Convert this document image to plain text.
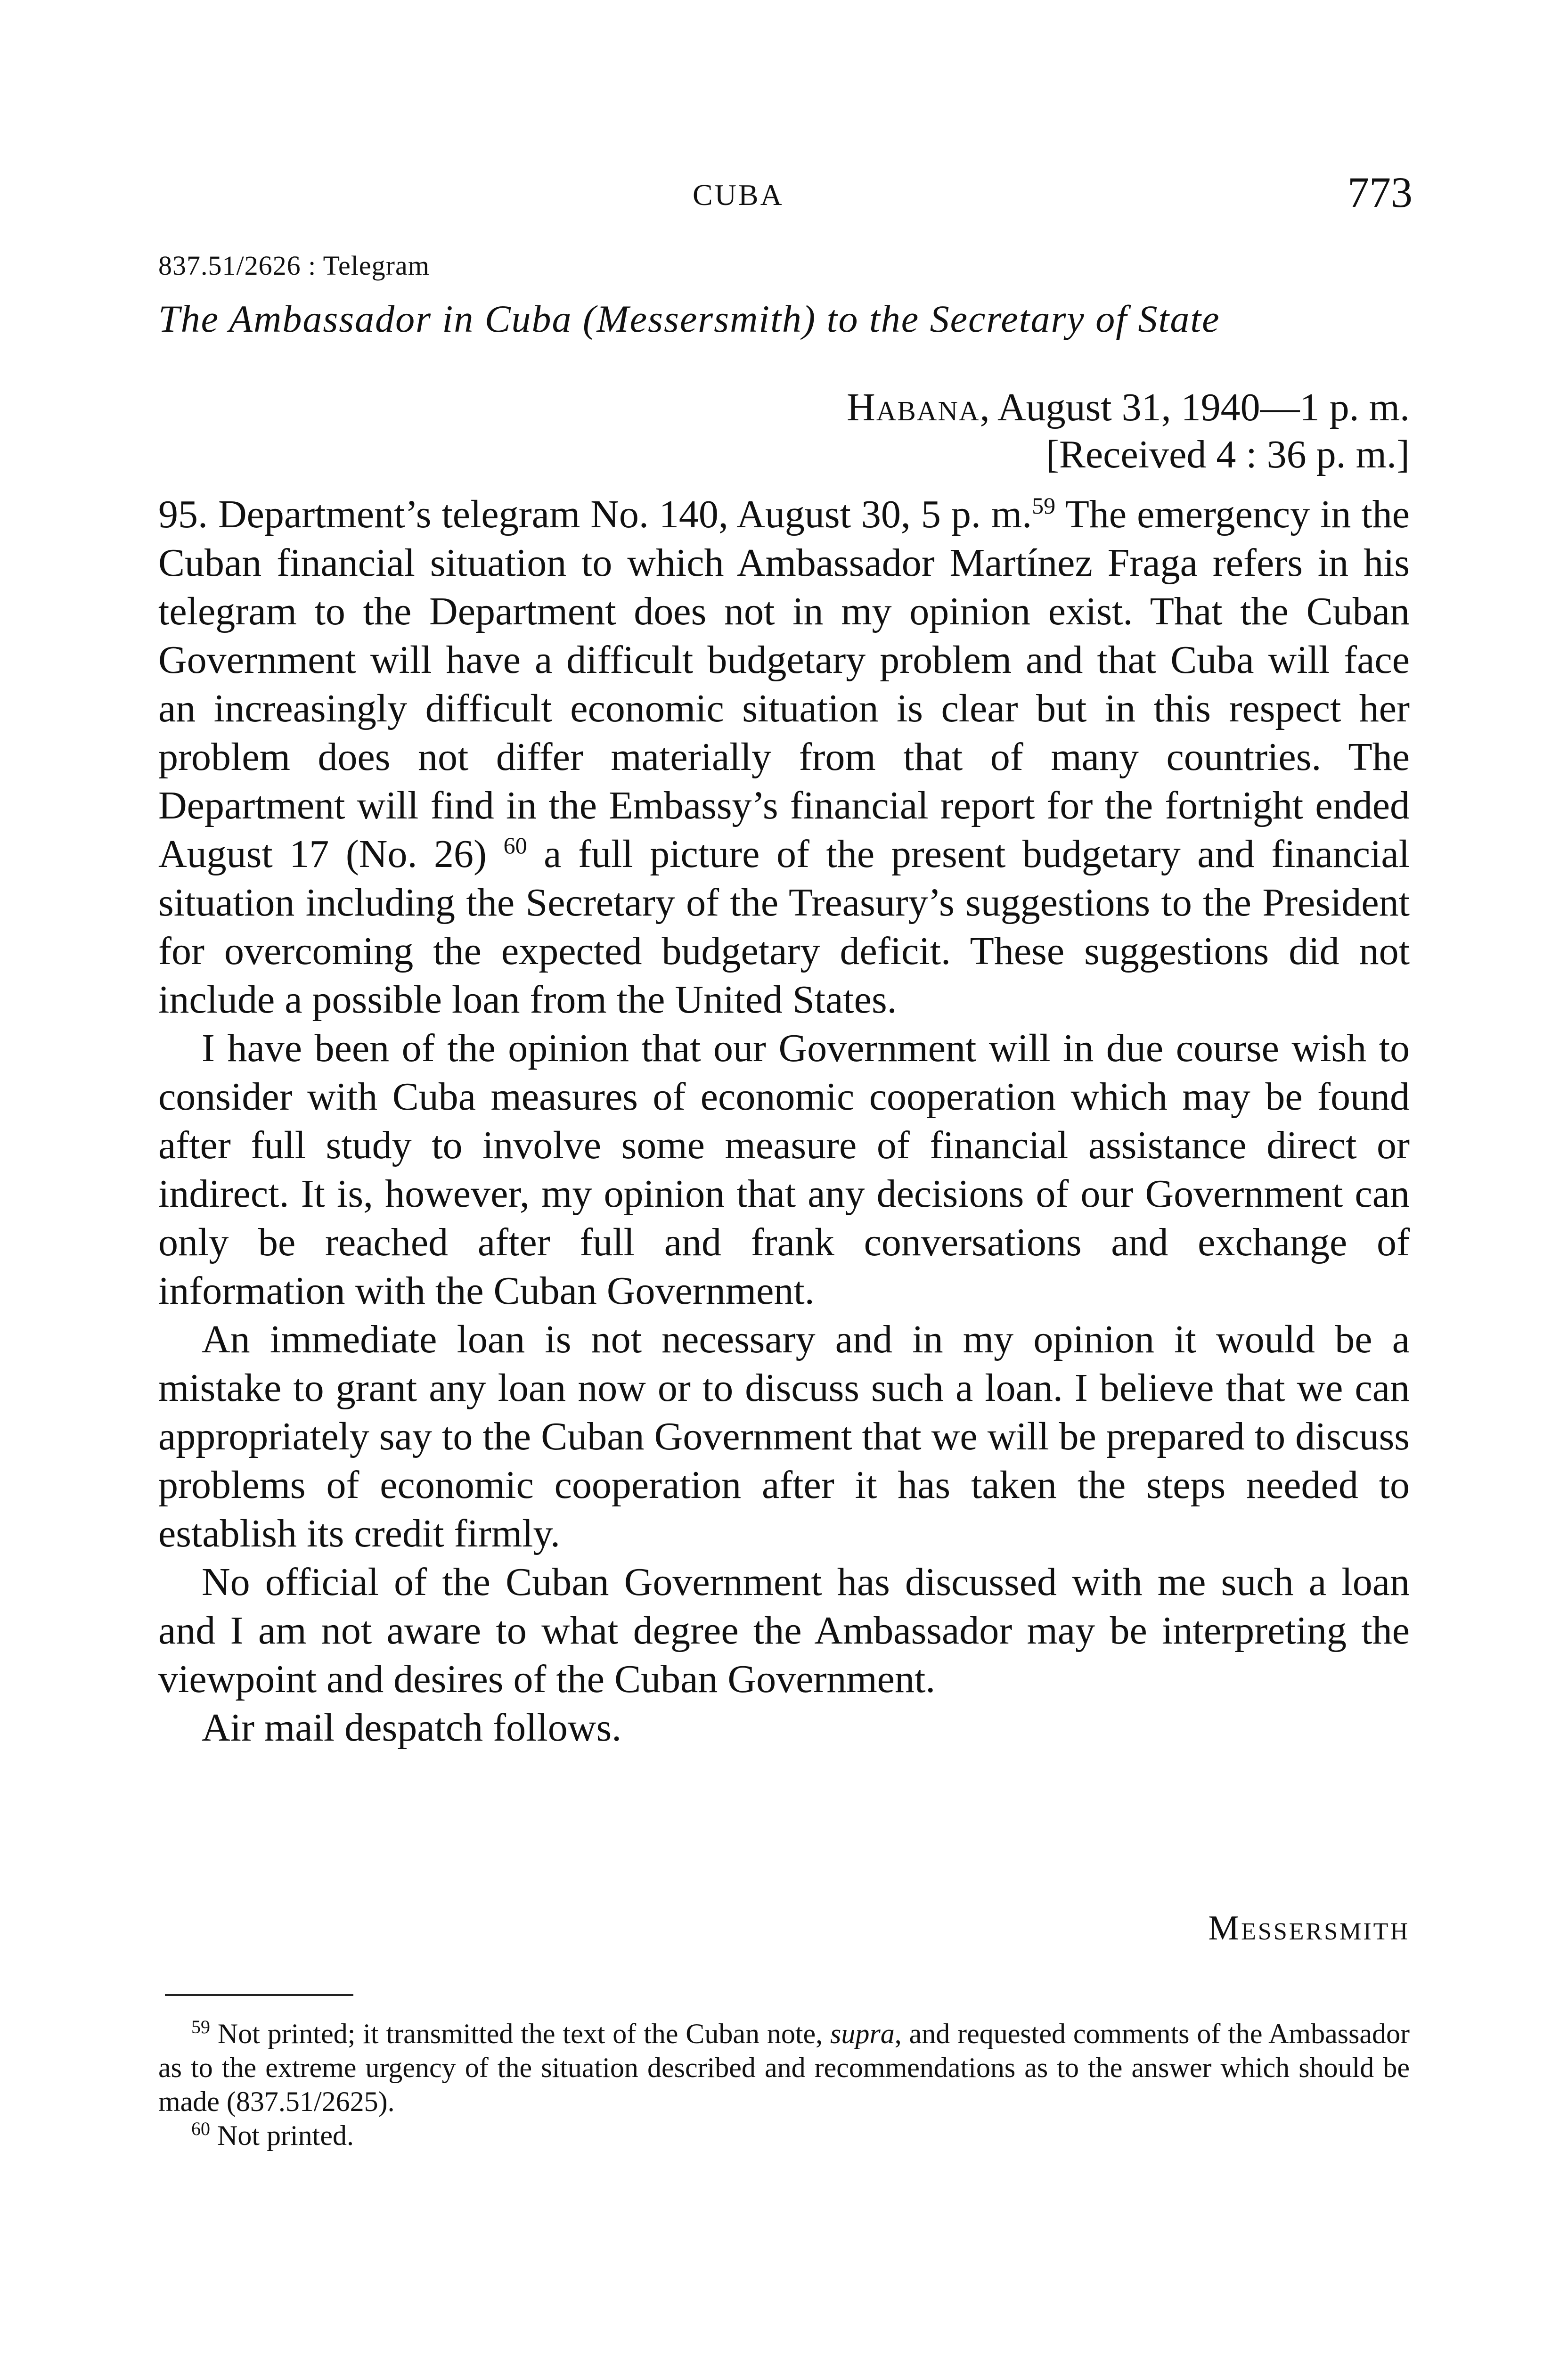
CUBA	773
837.51/2626 : Telegram
The Ambassador in Cuba (Messersmith) to the Secretary of State
Habana, August 31, 1940—1 p. m.
[Received 4 : 36 p. m.]

95. Department’s telegram No. 140, August 30, 5 p. m.$^{59}$ The emergency in the Cuban financial situation to which Ambassador Martínez Fraga refers in his telegram to the Department does not in my opinion exist. That the Cuban Government will have a difficult budgetary problem and that Cuba will face an increasingly difficult economic situation is clear but in this respect her problem does not differ materially from that of many countries. The Department will find in the Embassy’s financial report for the fortnight ended August 17 (No. 26) $^{60}$ a full picture of the present budgetary and financial situation including the Secretary of the Treasury’s suggestions to the President for overcoming the expected budgetary deficit. These suggestions did not include a possible loan from the United States.

I have been of the opinion that our Government will in due course wish to consider with Cuba measures of economic cooperation which may be found after full study to involve some measure of financial assistance direct or indirect. It is, however, my opinion that any decisions of our Government can only be reached after full and frank conversations and exchange of information with the Cuban Government.

An immediate loan is not necessary and in my opinion it would be a mistake to grant any loan now or to discuss such a loan. I believe that we can appropriately say to the Cuban Government that we will be prepared to discuss problems of economic cooperation after it has taken the steps needed to establish its credit firmly.

No official of the Cuban Government has discussed with me such a loan and I am not aware to what degree the Ambassador may be interpreting the viewpoint and desires of the Cuban Government.

Air mail despatch follows.

Messersmith

$^{59}$ Not printed; it transmitted the text of the Cuban note, supra, and requested comments of the Ambassador as to the extreme urgency of the situation described and recommendations as to the answer which should be made (837.51/2625).

$^{60}$ Not printed.
